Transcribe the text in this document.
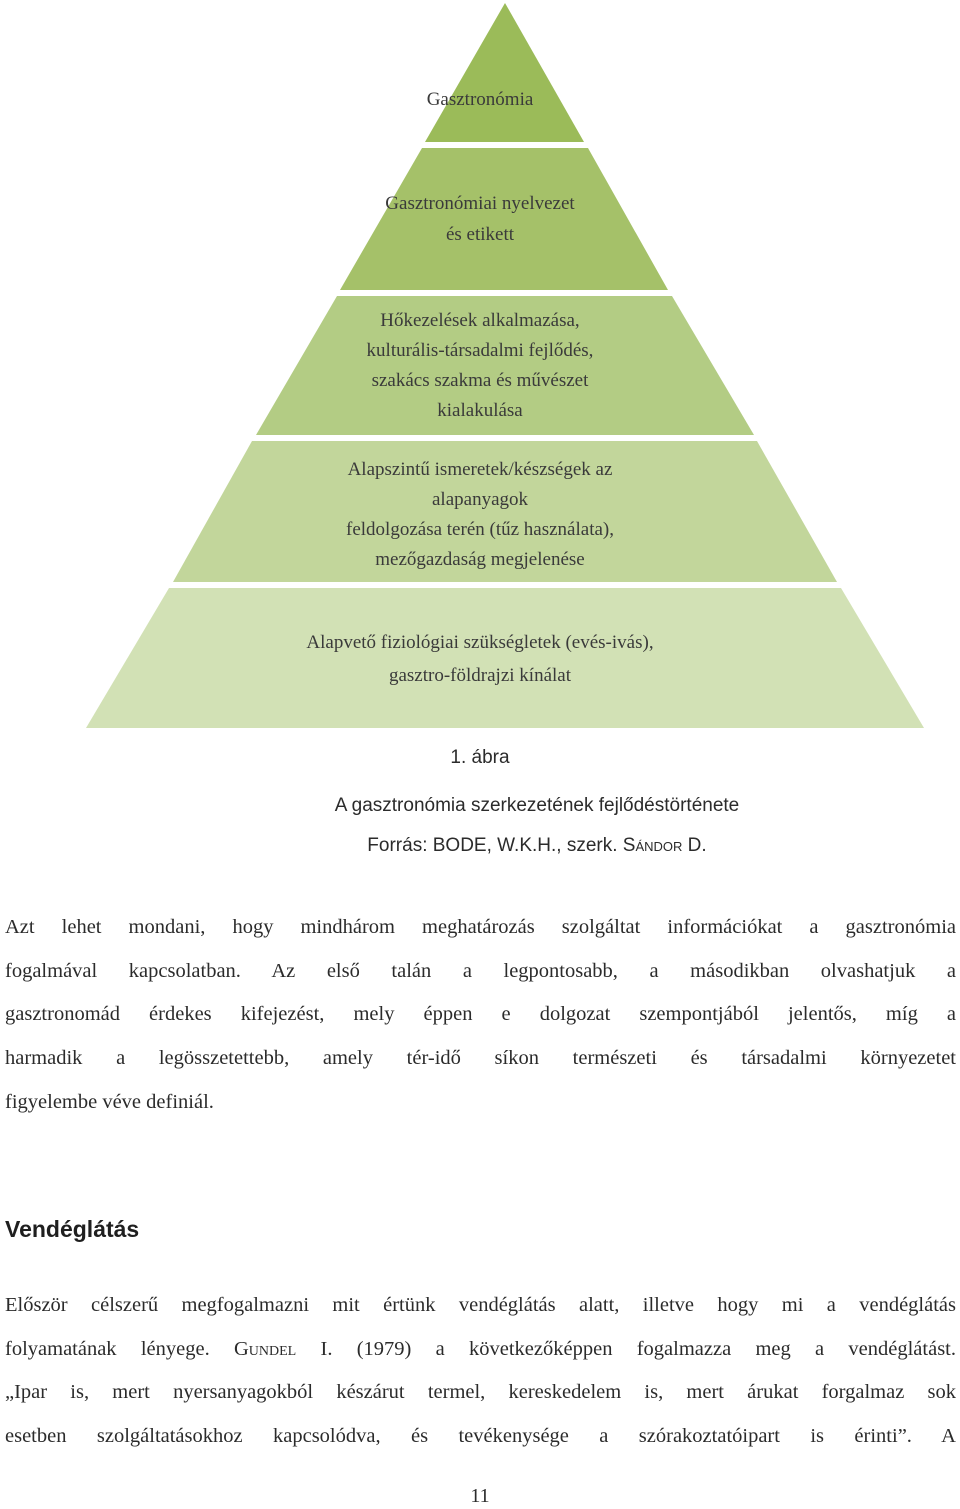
Gasztronómia
Gasztronómiai nyelvezet
és etikett
Hőkezelések alkalmazása,
kulturális-társadalmi fejlődés,
szakács szakma és művészet
kialakulása
Alapszintű ismeretek/készségek az
alapanyagok
feldolgozása terén (tűz használata),
mezőgazdaság megjelenése
Alapvető fiziológiai szükségletek (evés-ivás),
gasztro-földrajzi kínálat
1. ábra
A gasztronómia szerkezetének fejlődéstörténete
Forrás: BODE, W.K.H., szerk. Sándor D.
Azt lehet mondani, hogy mindhárom meghatározás szolgáltat információkat a gasztronómia
fogalmával kapcsolatban. Az első talán a legpontosabb, a másodikban olvashatjuk a
gasztronomád érdekes kifejezést, mely éppen e dolgozat szempontjából jelentős, míg a
harmadik a legösszetettebb, amely tér-idő síkon természeti és társadalmi környezetet
figyelembe véve definiál.
Vendéglátás
Először célszerű megfogalmazni mit értünk vendéglátás alatt, illetve hogy mi a vendéglátás
folyamatának lényege. Gundel I. (1979) a következőképpen fogalmazza meg a vendéglátást.
„Ipar is, mert nyersanyagokból készárut termel, kereskedelem is, mert árukat forgalmaz sok
esetben szolgáltatásokhoz kapcsolódva, és tevékenysége a szórakoztatóipart is érinti”. A
11
